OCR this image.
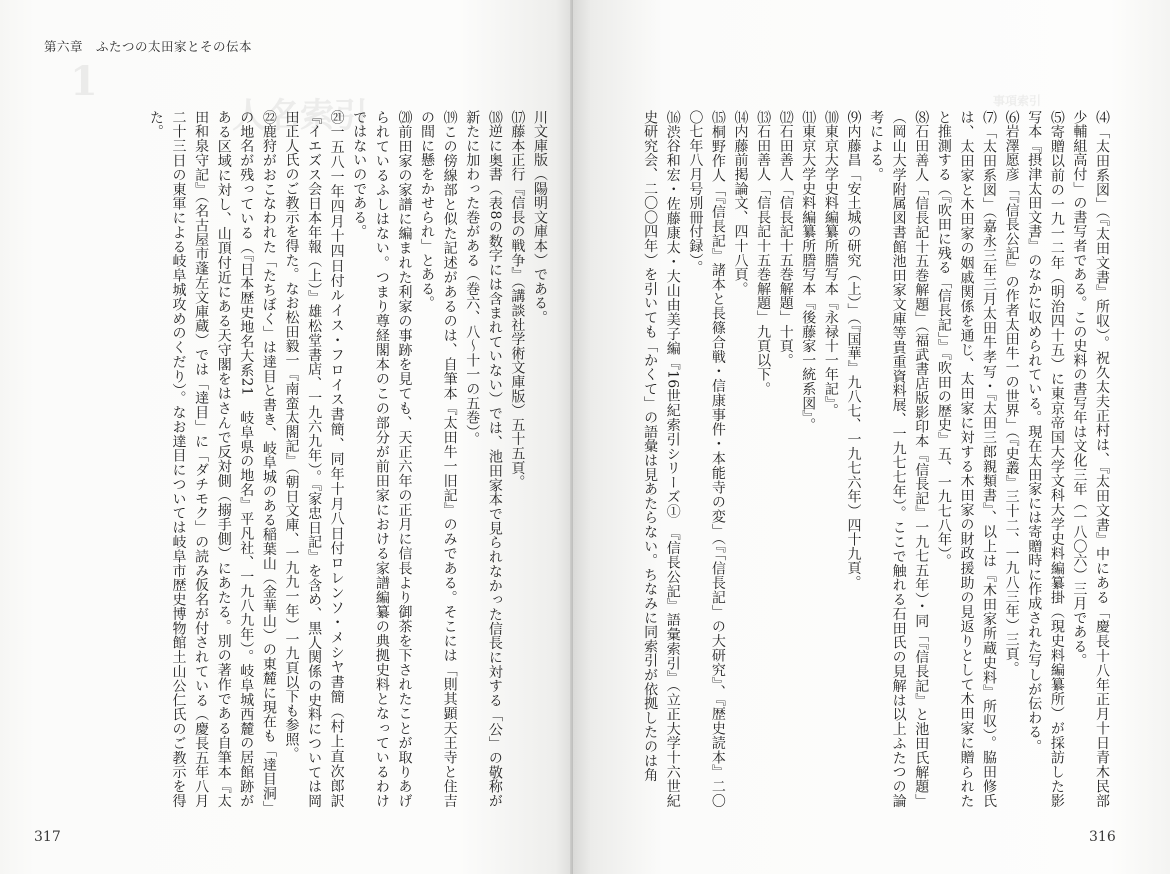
人名索引
1
第六章　ふたつの太田家とその伝本
川文庫版（陽明文庫本）である。
⒄藤本正行『信長の戦争』（講談社学術文庫版）五十五頁。
⒅逆に奥書（表8の数字には含まれていない）では、池田家本で見られなかった信長に対する「公」の敬称が新たに加わった巻がある（巻六、八〜十一の五巻）。
⒆この傍線部と似た記述があるのは、自筆本『太田牛一旧記』のみである。そこには「則其顕天王寺と住吉の間に懸をかせられ」とある。
⒇前田家の家譜に編まれた利家の事跡を見ても、天正六年の正月に信長より御茶を下されたことが取りあげられているふしはない。つまり尊経閣本のこの部分が前田家における家譜編纂の典拠史料となっているわけではないのである。
㉑一五八一年四月十四日付ルイス・フロイス書簡、同年十月八日付ロレンソ・メシヤ書簡（村上直次郎訳『イエズス会日本年報（上）』雄松堂書店、一九六九年）。『家忠日記』を含め、黒人関係の史料については岡田正人氏のご教示を得た。なお松田毅一『南蛮太閤記』（朝日文庫、一九九一年）一九頁以下も参照。
㉒鹿狩がおこなわれた「たちぼく」は達目と書き、岐阜城のある稲葉山（金華山）の東麓に現在も「達目洞」の地名が残っている（『日本歴史地名大系21　岐阜県の地名』平凡社、一九八九年）。岐阜城西麓の居館跡がある区域に対し、山頂付近にある天守閣をはさんで反対側（搦手側）にあたる。別の著作である自筆本『太田和泉守記』（名古屋市蓬左文庫蔵）では「達目」に「ダチモク」の読み仮名が付されている（慶長五年八月二十三日の東軍による岐阜城攻めのくだり）。なお達目については岐阜市歴史博物館土山公仁氏のご教示を得た。
317
事項索引
⑷「太田系図」（『太田文書』所収）。祝久太夫正村は、『太田文書』中にある「慶長十八年正月十日青木民部少輔組高付」の書写者である。この史料の書写年は文化三年（一八〇六）三月である。
⑸寄贈以前の一九一二年（明治四十五）に東京帝国大学文科大学史料編纂掛（現史料編纂所）が採訪した影写本『摂津太田文書』のなかに収められている。現在太田家には寄贈時に作成された写しが伝わる。
⑹岩澤愿彦「『信長公記』の作者太田牛一の世界」（『史叢』三十二、一九八三年）三頁。
⑺「太田系図」（嘉永三年三月太田牛孝写・『太田三郎親類書』、以上は『木田家所蔵史料』所収）。脇田修氏は、太田家と木田家の姻戚関係を通じ、太田家に対する木田家の財政援助の見返りとして木田家に贈られたと推測する（『吹田に残る「信長記」』『吹田の歴史』五、一九七八年）。
⑻石田善人「信長記十五巻解題」（福武書店版影印本『信長記』一九七五年）・同「『信長記』と池田氏解題」（岡山大学附属図書館池田家文庫等貴重資料展、一九七七年）。ここで触れる石田氏の見解は以上ふたつの論考による。
⑼内藤昌「安土城の研究（上）」（『国華』九八七、一九七六年）四十九頁。
⑽東京大学史料編纂所謄写本『永禄十一年記』。
⑾東京大学史料編纂所謄写本『後藤家一統系図』。
⑿石田善人「信長記十五巻解題」十頁。
⒀石田善人「信長記十五巻解題」九頁以下。
⒁内藤前掲論文、四十八頁。
⒂桐野作人「『信長記』諸本と長篠合戦・信康事件・本能寺の変」（『「信長記」の大研究』、『歴史読本』二〇〇七年八月号別冊付録）。
⒃渋谷和宏・佐藤康太・大山由美子編『16世紀索引シリーズ①　『信長公記』語彙索引』（立正大学十六世紀史研究会、二〇〇四年）を引いても「かくて」の語彙は見あたらない。ちなみに同索引が依拠したのは角
316
